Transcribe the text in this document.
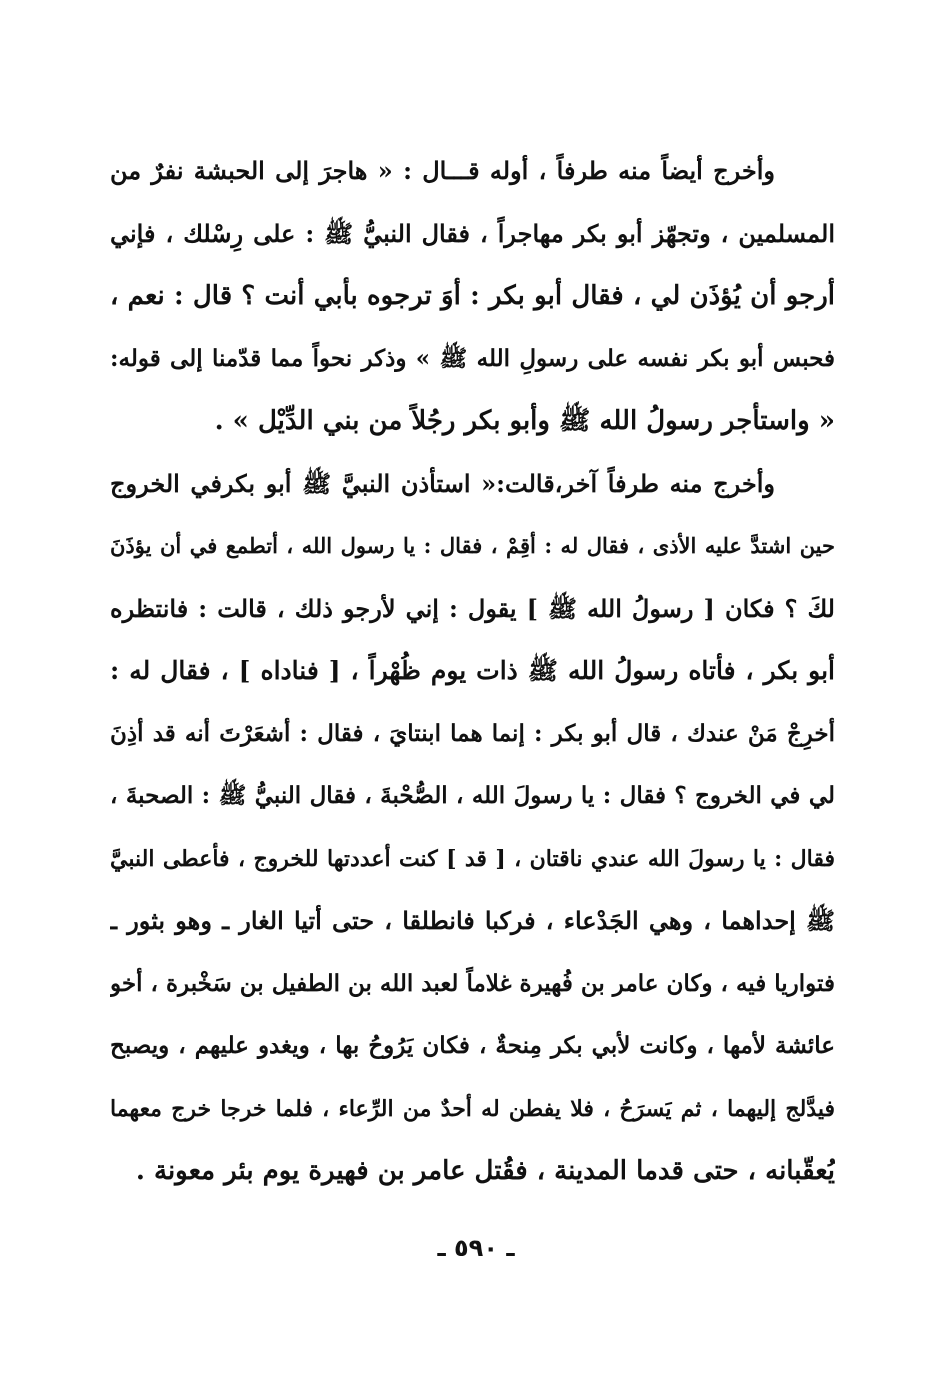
وأخرج أيضاً منه طرفاً ، أوله قـــال : « هاجرَ إلى الحبشة نفرٌ من
المسلمين ، وتجهّز أبو بكر مهاجراً ، فقال النبيُّ ﷺ : على رِسْلك ، فإني
أرجو أن يُؤذَن لي ، فقال أبو بكر : أوَ ترجوه بأبي أنت ؟ قال : نعم ،
فحبس أبو بكر نفسه على رسولِ الله ﷺ » وذكر نحواً مما قدّمنا إلى قوله:
« واستأجر رسولُ الله ﷺ وأبو بكر رجُلاً من بني الدِّيْل » .
وأخرج منه طرفاً آخر،قالت:« استأذن النبيَّ ﷺ أبو بكرفي الخروج
حين اشتدَّ عليه الأذى ، فقال له : أقِمْ ، فقال : يا رسول الله ، أتطمع في أن يؤذَنَ
لكَ ؟ فكان [ رسولُ الله ﷺ ] يقول : إني لأرجو ذلك ، قالت : فانتظره
أبو بكر ، فأتاه رسولُ الله ﷺ ذات يوم ظُهْراً ، [ فناداه ] ، فقال له :
أخرِجْ مَنْ عندك ، قال أبو بكر : إنما هما ابنتايَ ، فقال : أشعَرْتَ أنه قد أذِنَ
لي في الخروج ؟ فقال : يا رسولَ الله ، الصُّحْبةَ ، فقال النبيُّ ﷺ : الصحبةَ ،
فقال : يا رسولَ الله عندي ناقتان ، [ قد ] كنت أعددتها للخروج ، فأعطى النبيَّ
ﷺ إحداهما ، وهي الجَدْعاء ، فركبا فانطلقا ، حتى أتيا الغار ـ وهو بثور ـ
فتواريا فيه ، وكان عامر بن فُهيرة غلاماً لعبد الله بن الطفيل بن سَخْبرة ، أخو
عائشة لأمها ، وكانت لأبي بكر مِنحةٌ ، فكان يَرُوحُ بها ، ويغدو عليهم ، ويصبح
فيدَّلج إليهما ، ثم يَسرَحُ ، فلا يفطن له أحدٌ من الرِّعاء ، فلما خرجا خرج معهما
يُعقّبانه ، حتى قدما المدينة ، فقُتل عامر بن فهيرة يوم بئر معونة .
ـ ٥٩٠ ـ
